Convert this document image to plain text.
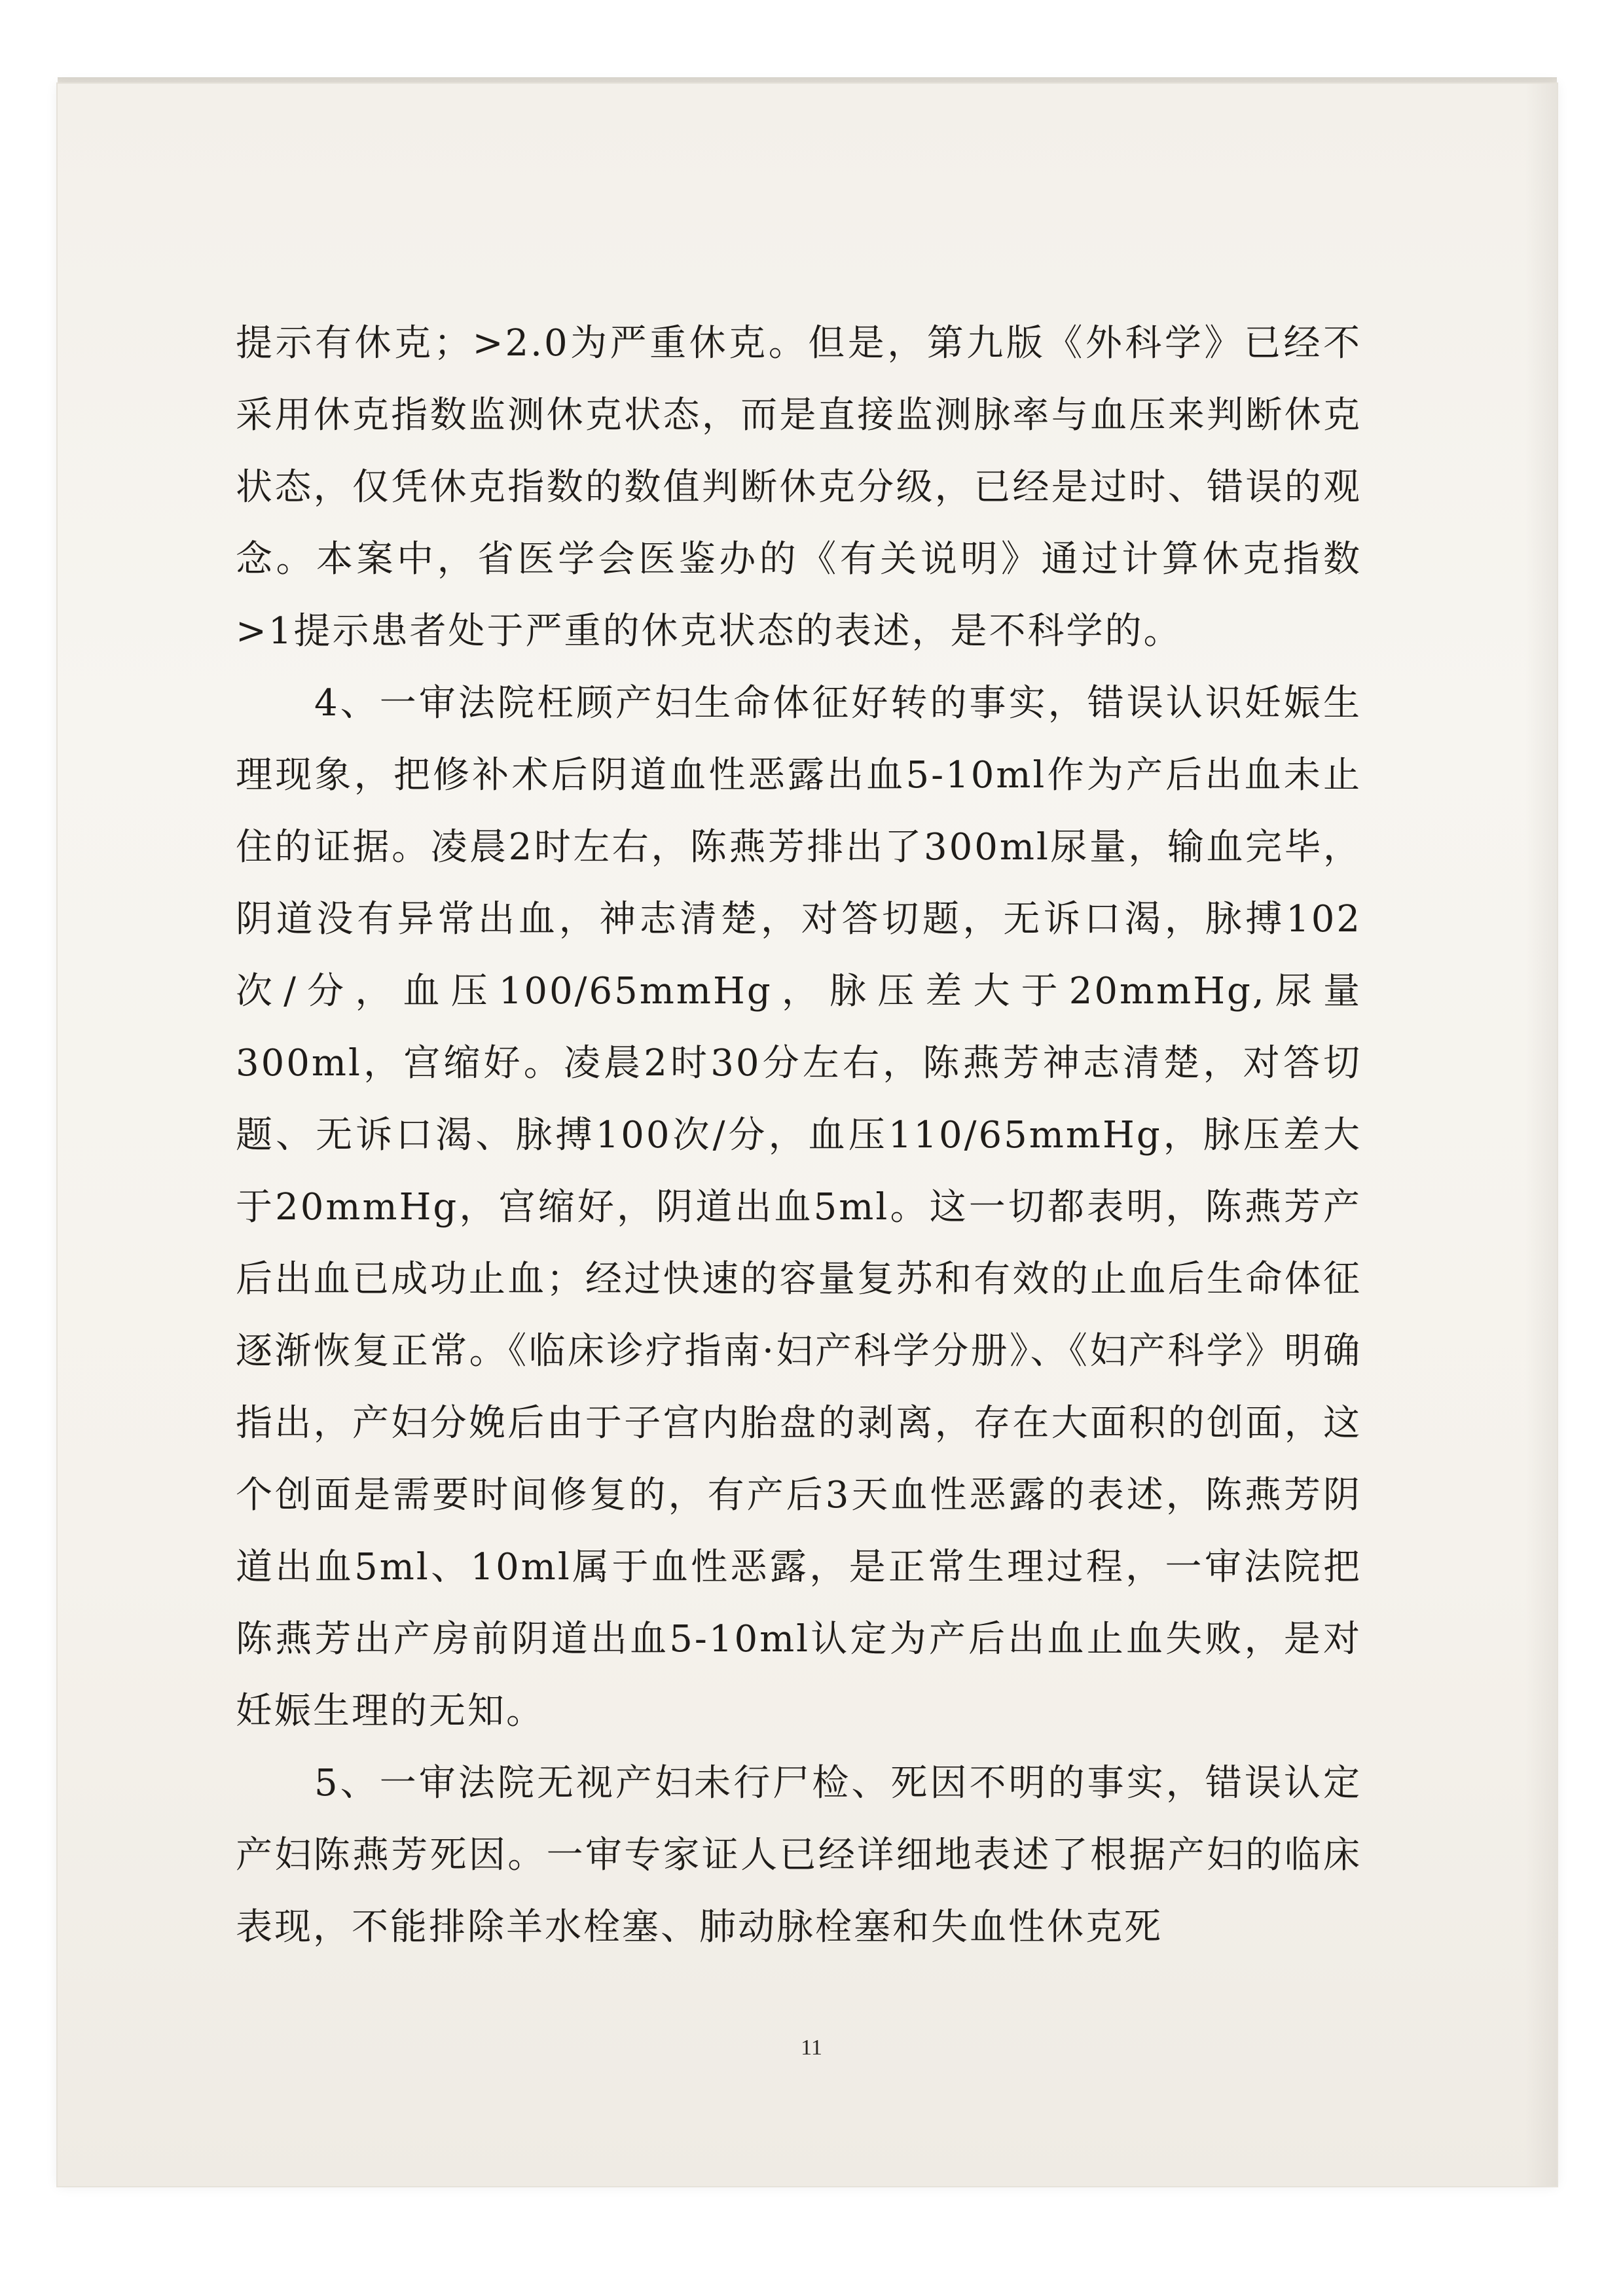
提示有休克；>2.0为严重休克。但是，第九版《外科学》已经不采用休克指数监测休克状态，而是直接监测脉率与血压来判断休克状态，仅凭休克指数的数值判断休克分级，已经是过时、错误的观念。本案中，省医学会医鉴办的《有关说明》通过计算休克指数>1提示患者处于严重的休克状态的表述，是不科学的。

4、一审法院枉顾产妇生命体征好转的事实，错误认识妊娠生理现象，把修补术后阴道血性恶露出血5-10ml作为产后出血未止住的证据。凌晨2时左右，陈燕芳排出了300ml尿量，输血完毕，阴道没有异常出血，神志清楚，对答切题，无诉口渴，脉搏102次/分，血压100/65mmHg，脉压差大于20mmHg,尿量300ml，宫缩好。凌晨2时30分左右，陈燕芳神志清楚，对答切题、无诉口渴、脉搏100次/分，血压110/65mmHg，脉压差大于20mmHg，宫缩好，阴道出血5ml。这一切都表明，陈燕芳产后出血已成功止血；经过快速的容量复苏和有效的止血后生命体征逐渐恢复正常。《临床诊疗指南·妇产科学分册》、《妇产科学》明确指出，产妇分娩后由于子宫内胎盘的剥离，存在大面积的创面，这个创面是需要时间修复的，有产后3天血性恶露的表述，陈燕芳阴道出血5ml、10ml属于血性恶露，是正常生理过程，一审法院把陈燕芳出产房前阴道出血5-10ml认定为产后出血止血失败，是对妊娠生理的无知。

5、一审法院无视产妇未行尸检、死因不明的事实，错误认定产妇陈燕芳死因。一审专家证人已经详细地表述了根据产妇的临床表现，不能排除羊水栓塞、肺动脉栓塞和失血性休克死

11
